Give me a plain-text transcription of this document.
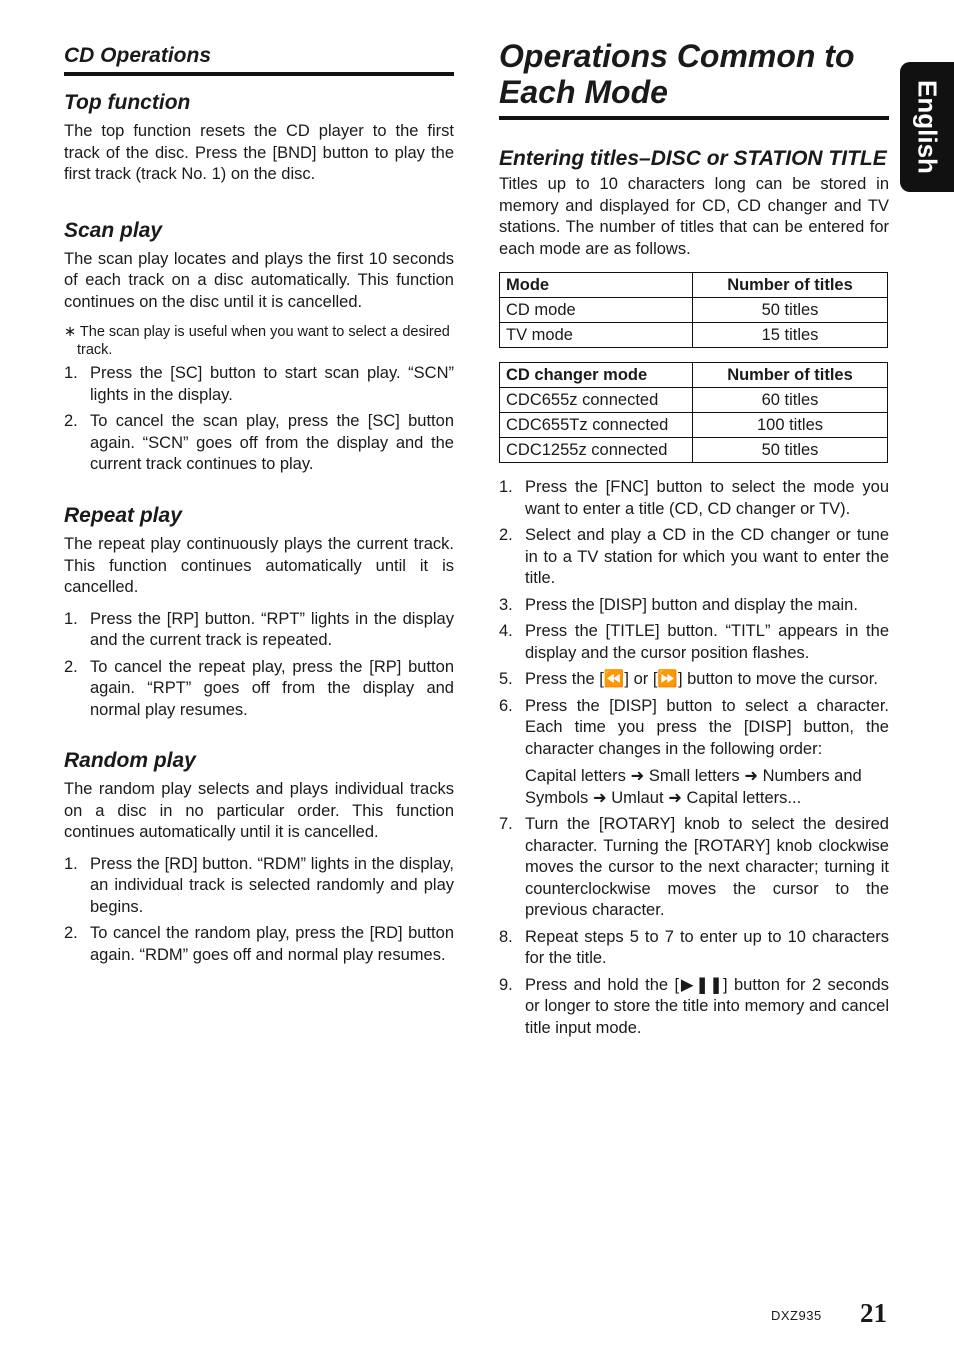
English

CD Operations

Top function

The top function resets the CD player to the first track of the disc. Press the [BND] button to play the first track (track No. 1) on the disc.

Scan play

The scan play locates and plays the first 10 seconds of each track on a disc automatically. This function continues on the disc until it is cancelled.

∗ The scan play is useful when you want to select a desired track.

1. Press the [SC] button to start scan play. “SCN” lights in the display.
2. To cancel the scan play, press the [SC] button again. “SCN” goes off from the display and the current track continues to play.
Repeat play

The repeat play continuously plays the current track. This function continues automatically until it is cancelled.

1. Press the [RP] button. “RPT” lights in the display and the current track is repeated.
2. To cancel the repeat play, press the [RP] button again. “RPT” goes off from the display and normal play resumes.
Random play

The random play selects and plays individual tracks on a disc in no particular order. This function continues automatically until it is cancelled.

1. Press the [RD] button. “RDM” lights in the display, an individual track is selected randomly and play begins.
2. To cancel the random play, press the [RD] button again. “RDM” goes off and normal play resumes.
Operations Common to Each Mode
Entering titles–DISC or STATION TITLE

Titles up to 10 characters long can be stored in memory and displayed for CD, CD changer and TV stations. The number of titles that can be entered for each mode are as follows.

Mode	Number of titles
CD mode	50 titles
TV mode	15 titles
CD changer mode	Number of titles
CDC655z connected	60 titles
CDC655Tz connected	100 titles
CDC1255z connected	50 titles
1. Press the [FNC] button to select the mode you want to enter a title (CD, CD changer or TV).
2. Select and play a CD in the CD changer or tune in to a TV station for which you want to enter the title.
3. Press the [DISP] button and display the main.
4. Press the [TITLE] button. “TITL” appears in the display and the cursor position flashes.
5. Press the [⏪] or [⏩] button to move the cursor.
6. Press the [DISP] button to select a character. Each time you press the [DISP] button, the character changes in the following order:
Capital letters ➜ Small letters ➜ Numbers and Symbols ➜ Umlaut ➜ Capital letters...
7. Turn the [ROTARY] knob to select the desired character. Turning the [ROTARY] knob clockwise moves the cursor to the next character; turning it counterclockwise moves the cursor to the previous character.
8. Repeat steps 5 to 7 to enter up to 10 characters for the title.
9. Press and hold the [▶❚❚] button for 2 seconds or longer to store the title into memory and cancel title input mode.
DXZ935 21
